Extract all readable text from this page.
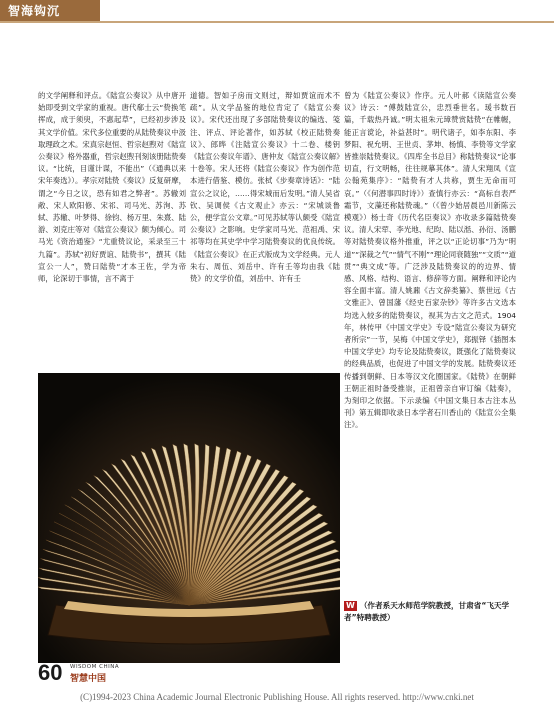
智海钩沉
的文学阐释和评点。《陆宣公奏议》从中唐开始即受到文学家的重视。唐代郗士云“贽换笔挥成，成于须臾，不惠起草”，已经初步涉及其文学价值。宋代多位重要的从陆贽奏议中汲取理政之术。宋真宗赵恒、哲宗赵煦对《陆宣公奏议》格外器重，哲宗赵煦刊刻该册陆贽奏议。“比统，目谨计谋，不能出”（《通典以来宋年奏选》）。孝宗对陆贽《奏议》反复研摩，谓之“今日之议，恐有如君之弊者”。苏辙刘敞、宋人欧阳修、宋祁、司马光、苏洵、苏轼、苏辙、叶梦得、徐钧、杨万里、朱熹、陆游、刘克庄等对《陆宣公奏议》颇为倾心。司马光《资治通鉴》“尤重贽议论，采录至三十九篇”。苏轼“初好贾谊、陆贽书”，撰其《陆宣公一人”，赞曰陆贽“才本王佐，学为帝师，论深切于事情，言不离于
道德。智如子房而文则过，辩如贾谊而术不疏”。从文学品鉴的地位肯定了《陆宣公奏议》。宋代还出现了多部陆贽奏议的编选、笺注、评点、评论著作，如苏轼《校正陆贽奏议》、郎晔《注陆宣公奏议》十二卷、楼钥《陆宣公奏议年谱》、唐仲友《陆宣公奏议解》十卷等。宋人还将《陆宣公奏议》作为创作范本进行借鉴、模仿。张栻《步奏章诗话》：“陆宣公之议论，……得宋城而后发明。”清人吴省钦、吴调侯《古文观止》亦云：“宋城谈鲁公，便学宣公文章。”可见苏轼等认颇受《陆宣公奏议》之影响。史学家司马光、范祖禹、宋祁等均在其史学中学习陆贽奏议的优良传统。《陆宣公奏议》在正式版成为文学经典。元人朱右、周伍、刘岳中、许有壬等均由我《陆贽》的文学价值，刘岳中、许有壬
曾为《陆宣公奏议》作序。元人叶郝《读陆宣公奏议》诗云：“傅鼓陆宣公，忠烈垂世名。瑗书数百篇，千载热丹诚。”明太祖朱元璋赞赏陆贽“在帷幄，能正言谠论，补益甚时”。明代诸子，如李东阳、李梦阳、祝允明、王世贞、茅坤、杨慎、李贽等文学家皆推崇陆贽奏议。《四库全书总目》称陆贽奏议“论事切直，行文明畅，往往规摹其体”。清人宋翔凤《宣公翰苑集序》：“陆贽有才人共称，贾生无命而可哀。”（《何潜事四时诗》）查慎行亦云：“高标自表严霜节，文藻还称陆贽魂。”（《曾少始居晨邑川新陈云模观》）杨士奇《历代名臣奏议》亦收录多篇陆贽奏议。清人宋荦、李光地、纪昀、陆以湉、孙衍、汤鹏等对陆贽奏议格外推重，评之以“正论切事”乃为“明道”“深裁之气”“情气不刚”“理论同衰随独”“文质”“道贯”“典文成”等。广泛涉及陆贽奏议的的边界、情感、风格、结构、语言、修辞等方面。阐释和评论内容全面丰富。清人姚鼐《古文辞类纂》、蔡世远《古文雅正》、曾国藩《经史百家杂钞》等许多古文选本均选入较多的陆贽奏议，视其为古文之范式。1904年，林传甲《中国文学史》专设“陆宣公奏议为研究者所宗”一节，吴梅《中国文学史》，郑振铎《插图本中国文学史》均专论及陆贽奏议，既强化了陆贽奏议的经典品质，也促进了中国文学的发展。陆贽奏议还传播到朝鲜、日本等汉文化圈国家。《陆贽》在朝鲜王朝正祖时备受推崇，正祖曾亲自审订编《陆奏》，为刻印之依据。下示录编《中国文集日本古注本丛刊》第五辑即收录日本学者石川香山的《陆宣公全集注》。
W （作者系天水师范学院教授，甘肃省“飞天学者”特聘教授）
60 WISDOM CHINA
智慧中国
(C)1994-2023 China Academic Journal Electronic Publishing House. All rights reserved. http://www.cnki.net
